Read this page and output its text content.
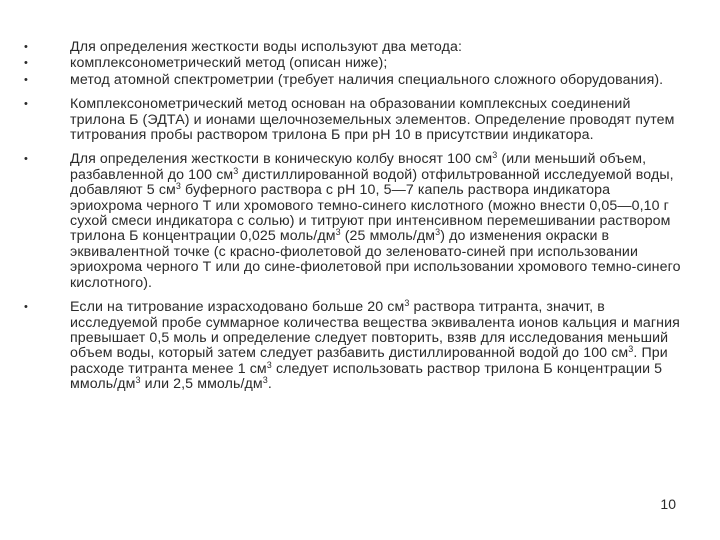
•	Для определения жесткости воды используют два метода:
•	комплексонометрический метод (описан ниже);
•	метод атомной спектрометрии (требует наличия специального сложного оборудования).
•	Комплексонометрический метод основан на образовании комплексных соединений трилона Б (ЭДТА) и ионами щелочноземельных элементов. Определение проводят путем титрования пробы раствором трилона Б при pH 10 в присутствии индикатора.
•	Для определения жесткости в коническую колбу вносят 100 $см^3$ (или меньший объем, разбавленной до 100 $см^3$ дистиллированной водой) отфильтрованной исследуемой воды, добавляют 5 $см^3$ буферного раствора с pH 10, 5—7 капель раствора индикатора эриохрома черного Т или хромового темно-синего кислотного (можно внести 0,05—0,10 г сухой смеси индикатора с солью) и титруют при интенсивном перемешивании раствором трилона Б концентрации 0,025 моль/$дм^3$ (25 ммоль/$дм^3$) до изменения окраски в эквивалентной точке (с красно-фиолетовой до зеленовато-синей при использовании эриохрома черного Т или до сине-фиолетовой при использовании хромового темно-синего кислотного).
•	Если на титрование израсходовано больше 20 $см^3$ раствора титранта, значит, в исследуемой пробе суммарное количества вещества эквивалента ионов кальция и магния превышает 0,5 моль и определение следует повторить, взяв для исследования меньший объем воды, который затем следует разбавить дистиллированной водой до 100 $см^3$. При расходе титранта менее 1 $см^3$ следует использовать раствор трилона Б концентрации 5 ммоль/$дм^3$ или 2,5 ммоль/$дм^3$.
10
